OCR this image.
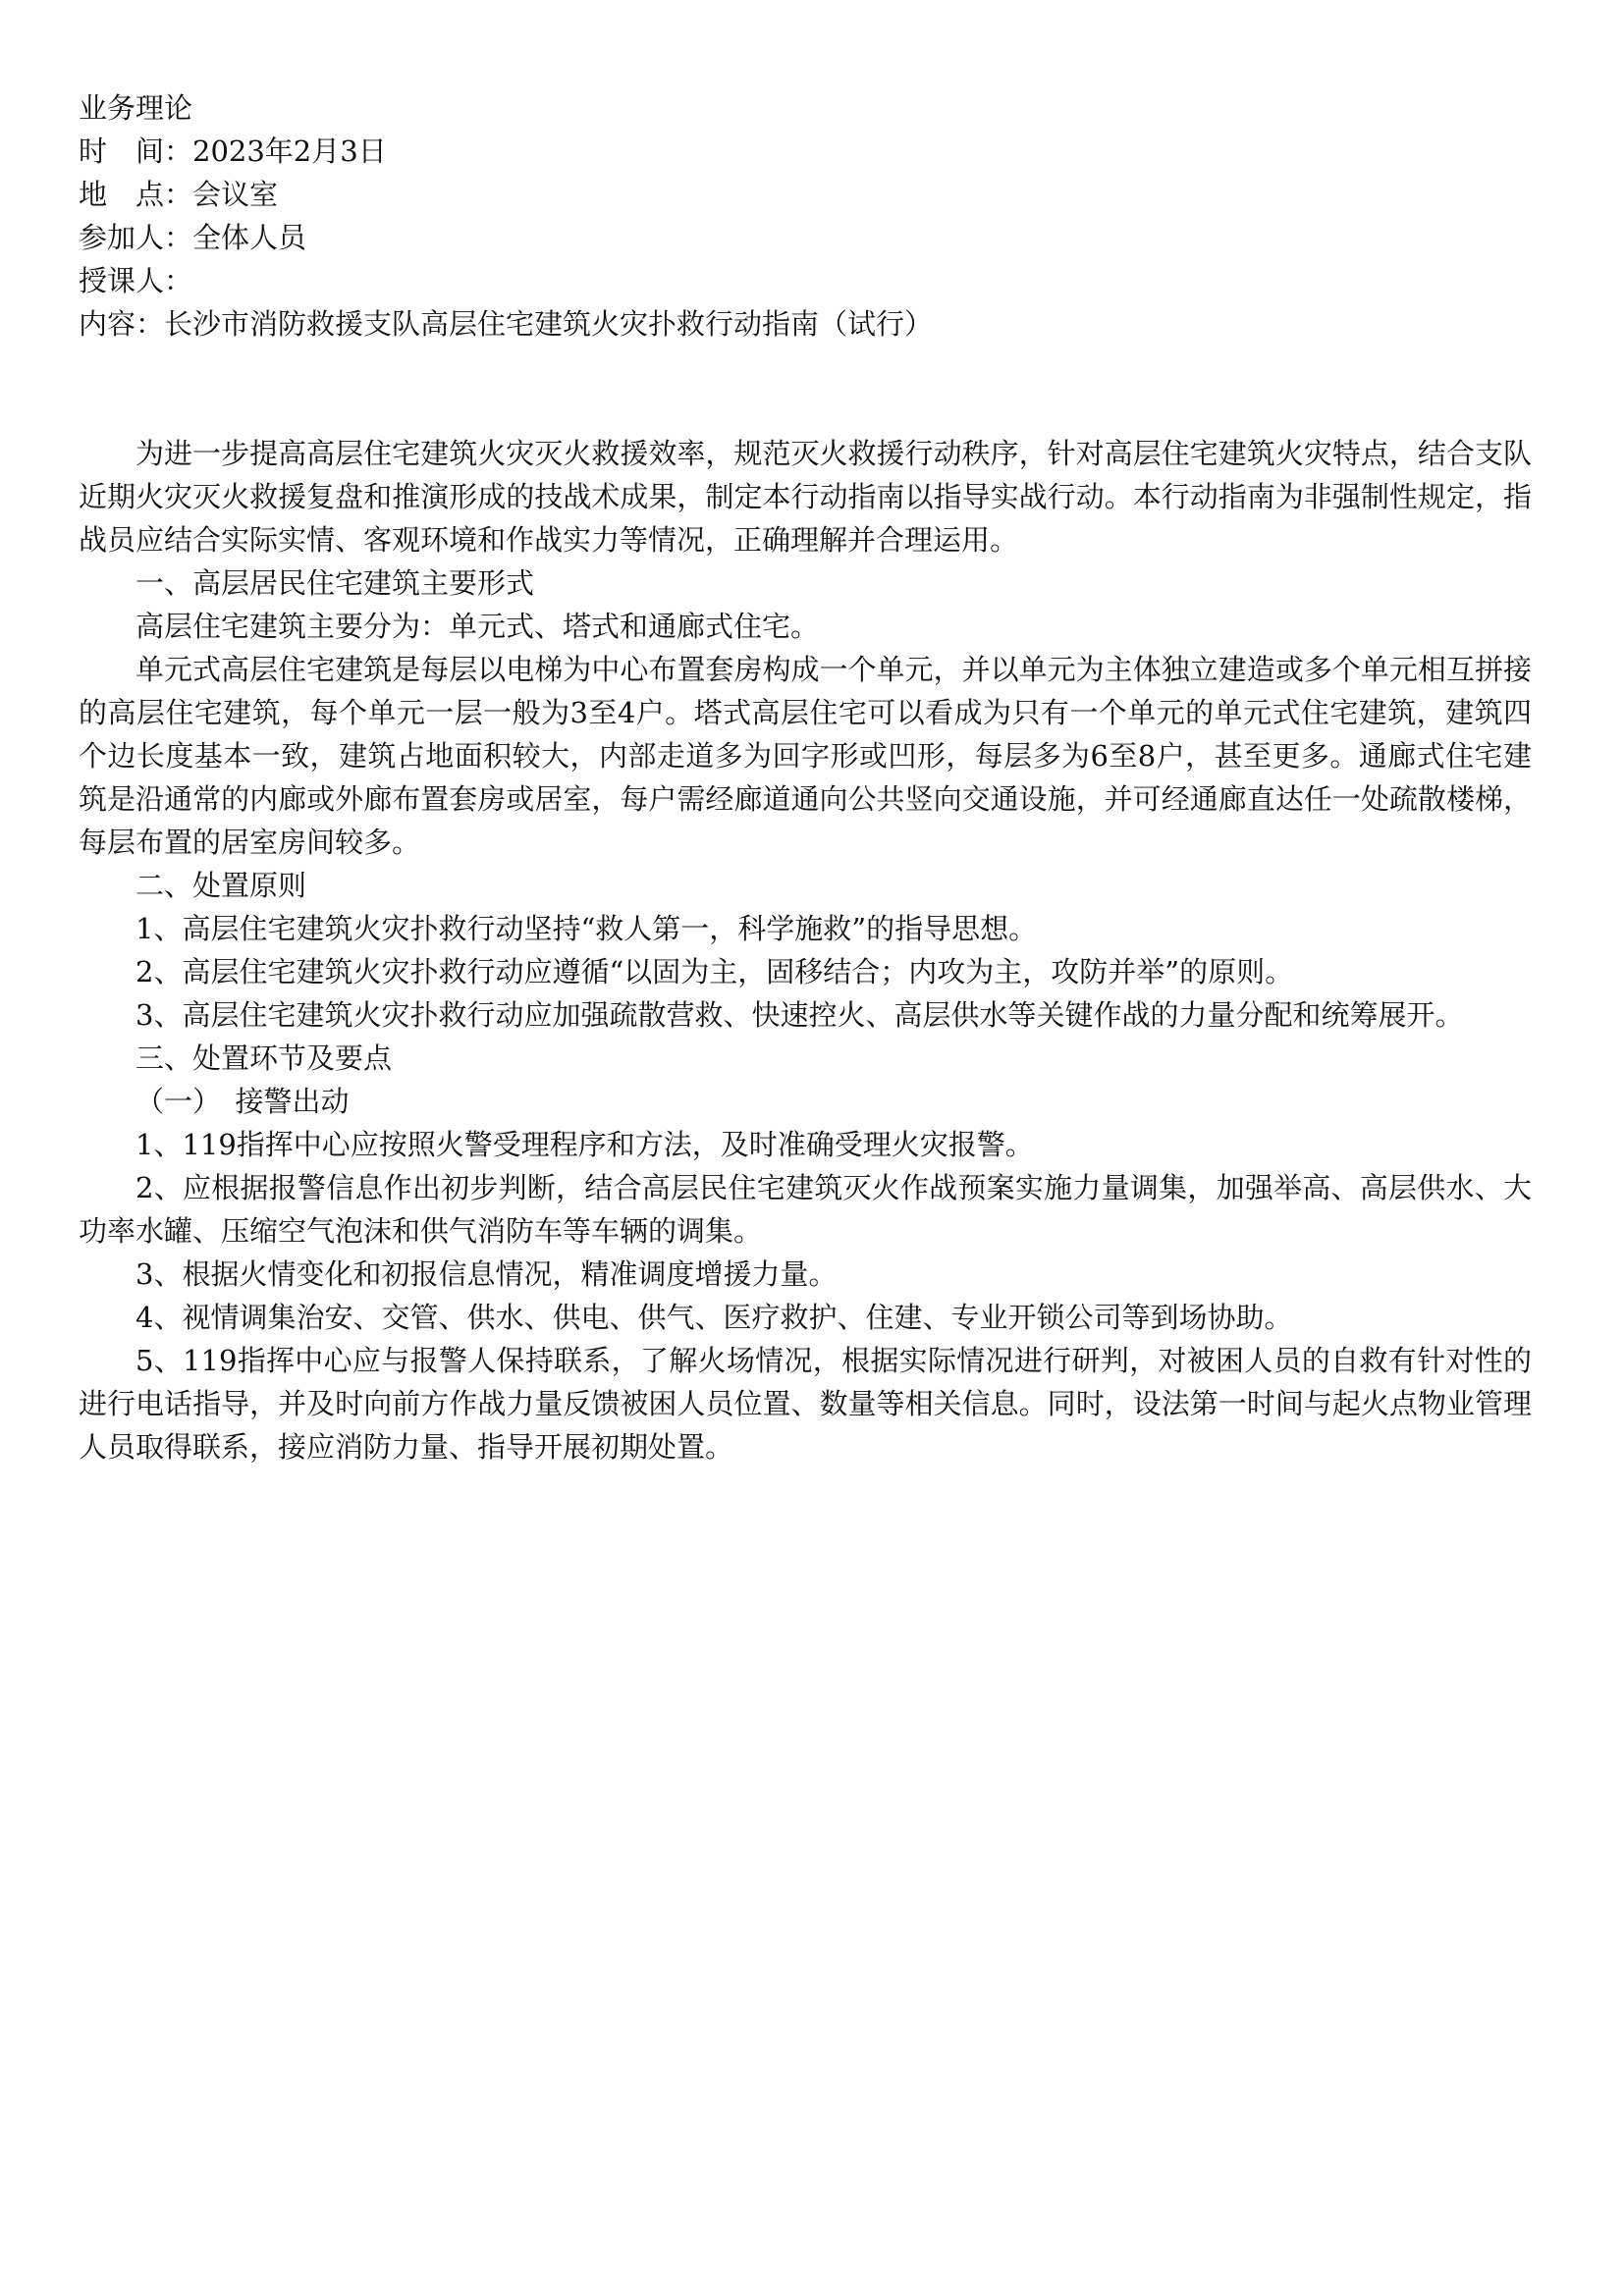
业务理论
时　间：2023年2月3日
地　点：会议室
参加人：全体人员
授课人：
内容：长沙市消防救援支队高层住宅建筑火灾扑救行动指南（试行）

为进一步提高高层住宅建筑火灾灭火救援效率，规范灭火救援行动秩序，针对高层住宅建筑火灾特点，结合支队近期火灾灭火救援复盘和推演形成的技战术成果，制定本行动指南以指导实战行动。本行动指南为非强制性规定，指战员应结合实际实情、客观环境和作战实力等情况，正确理解并合理运用。

一、高层居民住宅建筑主要形式

高层住宅建筑主要分为：单元式、塔式和通廊式住宅。

单元式高层住宅建筑是每层以电梯为中心布置套房构成一个单元，并以单元为主体独立建造或多个单元相互拼接的高层住宅建筑，每个单元一层一般为3至4户。塔式高层住宅可以看成为只有一个单元的单元式住宅建筑，建筑四个边长度基本一致，建筑占地面积较大，内部走道多为回字形或凹形，每层多为6至8户，甚至更多。通廊式住宅建筑是沿通常的内廊或外廊布置套房或居室，每户需经廊道通向公共竖向交通设施，并可经通廊直达任一处疏散楼梯，每层布置的居室房间较多。

二、处置原则

1、高层住宅建筑火灾扑救行动坚持“救人第一，科学施救”的指导思想。

2、高层住宅建筑火灾扑救行动应遵循“以固为主，固移结合；内攻为主，攻防并举”的原则。

3、高层住宅建筑火灾扑救行动应加强疏散营救、快速控火、高层供水等关键作战的力量分配和统筹展开。

三、处置环节及要点

（一）　接警出动

1、119指挥中心应按照火警受理程序和方法，及时准确受理火灾报警。

2、应根据报警信息作出初步判断，结合高层民住宅建筑灭火作战预案实施力量调集，加强举高、高层供水、大功率水罐、压缩空气泡沫和供气消防车等车辆的调集。

3、根据火情变化和初报信息情况，精准调度增援力量。

4、视情调集治安、交管、供水、供电、供气、医疗救护、住建、专业开锁公司等到场协助。

5、119指挥中心应与报警人保持联系，了解火场情况，根据实际情况进行研判，对被困人员的自救有针对性的进行电话指导，并及时向前方作战力量反馈被困人员位置、数量等相关信息。同时，设法第一时间与起火点物业管理人员取得联系，接应消防力量、指导开展初期处置。
